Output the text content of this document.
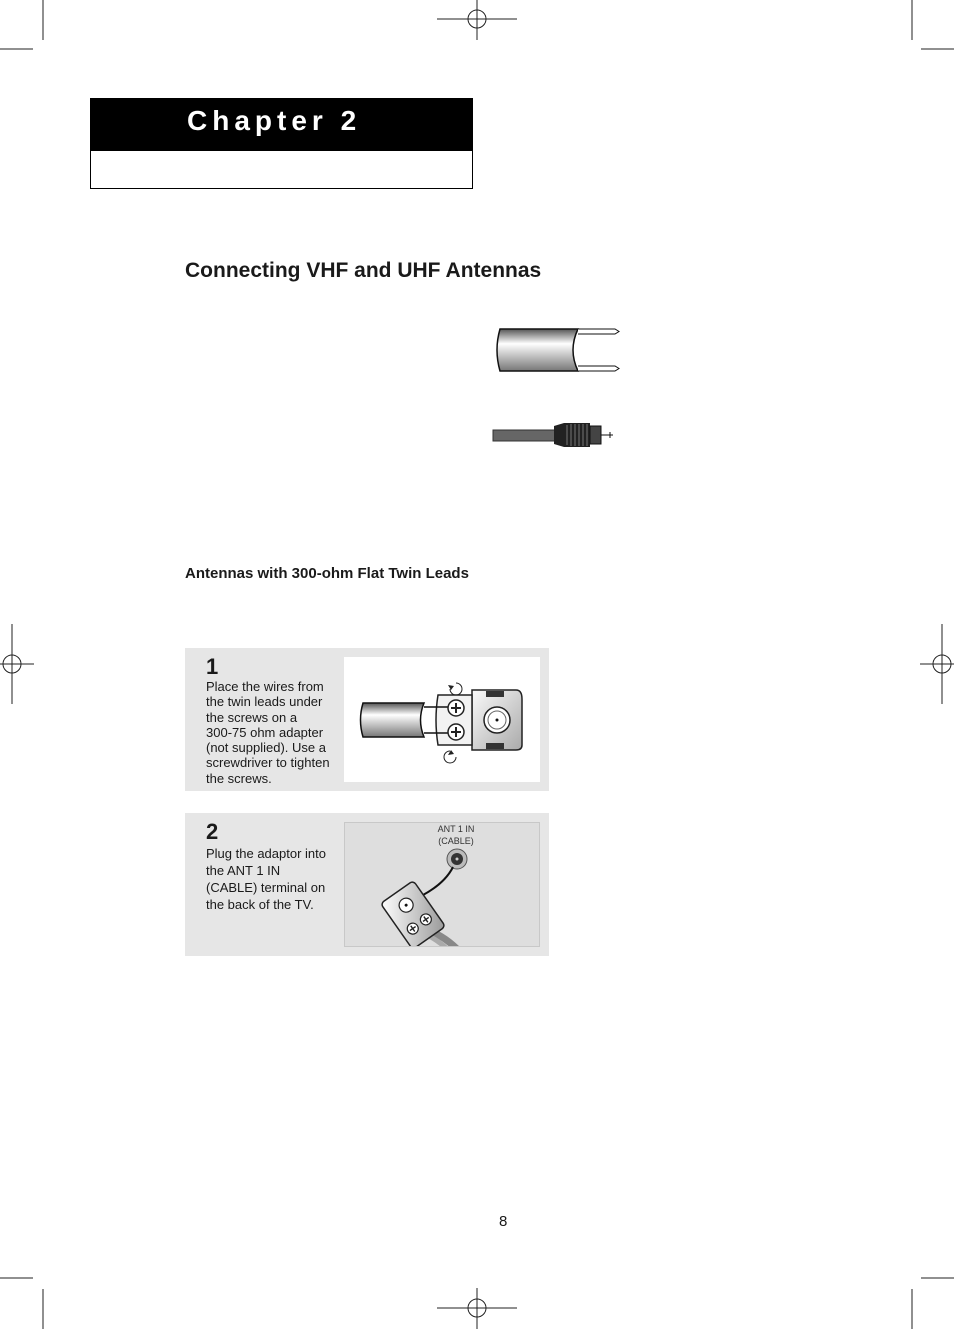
Chapter 2
Connecting VHF and UHF Antennas
Antennas with 300-ohm Flat Twin Leads
1
Place the wires from
the twin leads under
the screws on a
300-75 ohm adapter
(not supplied). Use a
screwdriver to tighten
the screws.
2
Plug the adaptor into
the ANT 1 IN
(CABLE) terminal on
the back of the TV.
ANT 1 IN
(CABLE)
8
